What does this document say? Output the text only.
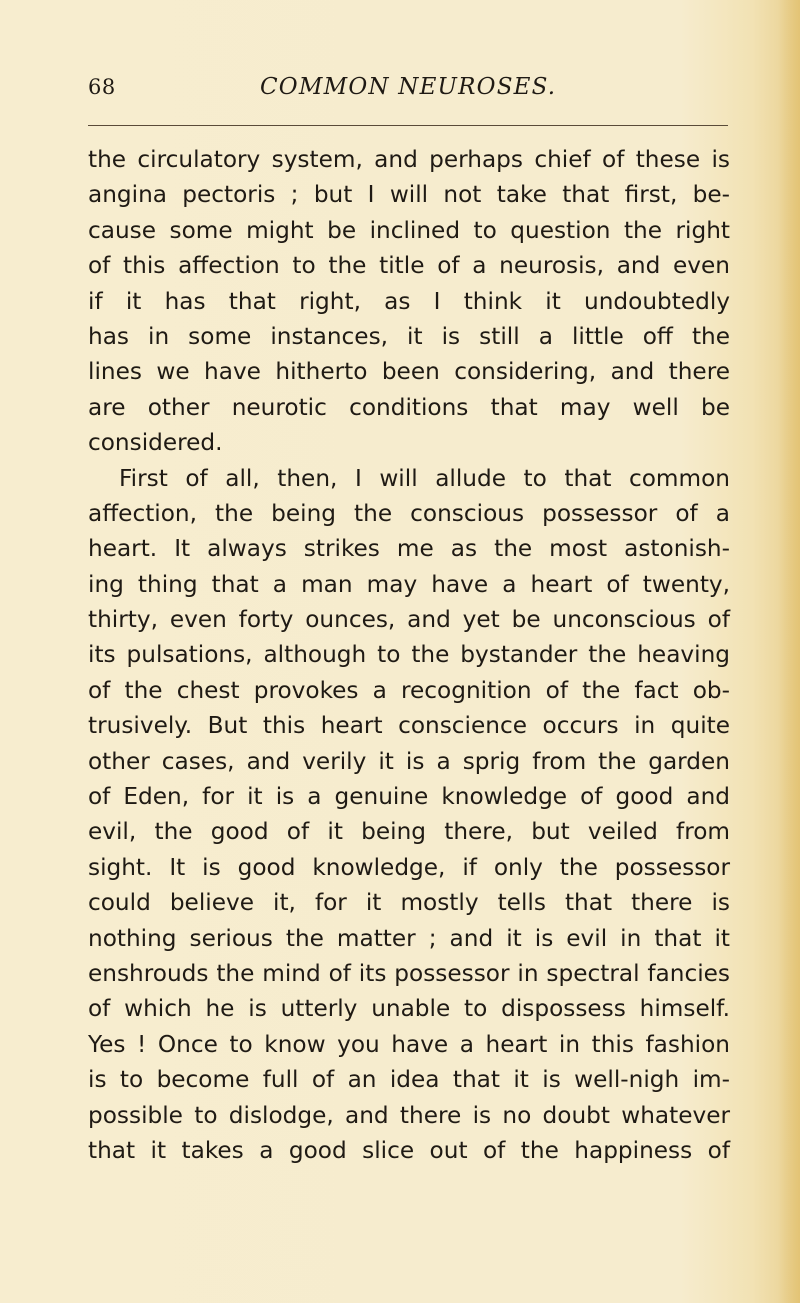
68	COMMON NEUROSES.
the circulatory system, and perhaps chief of these is
angina pectoris ; but I will not take that first, be-
cause some might be inclined to question the right
of this affection to the title of a neurosis, and even
if it has that right, as I think it undoubtedly
has in some instances, it is still a little off the
lines we have hitherto been considering, and there
are other neurotic conditions that may well be
considered.
First of all, then, I will allude to that common
affection, the being the conscious possessor of a
heart. It always strikes me as the most astonish-
ing thing that a man may have a heart of twenty,
thirty, even forty ounces, and yet be unconscious of
its pulsations, although to the bystander the heaving
of the chest provokes a recognition of the fact ob-
trusively. But this heart conscience occurs in quite
other cases, and verily it is a sprig from the garden
of Eden, for it is a genuine knowledge of good and
evil, the good of it being there, but veiled from
sight. It is good knowledge, if only the possessor
could believe it, for it mostly tells that there is
nothing serious the matter ; and it is evil in that it
enshrouds the mind of its possessor in spectral fancies
of which he is utterly unable to dispossess himself.
Yes ! Once to know you have a heart in this fashion
is to become full of an idea that it is well-nigh im-
possible to dislodge, and there is no doubt whatever
that it takes a good slice out of the happiness of
